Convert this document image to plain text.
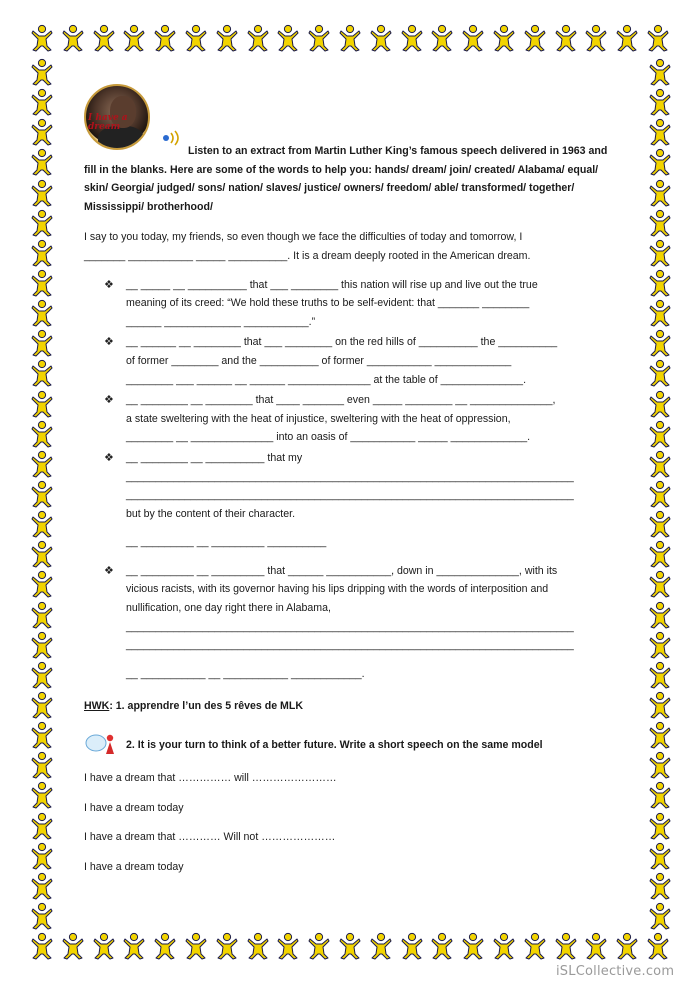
I have a dream

Listen to an extract from Martin Luther King’s famous speech delivered in 1963 and fill in the blanks. Here are some of the words to help you: hands/ dream/ join/ created/ Alabama/ equal/ skin/ Georgia/ judged/ sons/ nation/ slaves/ justice/ owners/ freedom/ able/ transformed/ together/ Mississippi/ brotherhood/

I say to you today, my friends, so even though we face the difficulties of today and tomorrow, I

_______ ___________ _____ __________. It is a dream deeply rooted in the American dream.

❖ __ _____ __ __________ that ___ ________ this nation will rise up and live out the true

meaning of its creed: “We hold these truths to be self-evident: that _______ ________

______ _____________ ___________.”

❖ __ ______ __ ________ that ___ ________ on the red hills of __________ the __________

of former ________ and the __________ of former ___________ _____________

________ ___ ______ __ ______ ______________ at the table of ______________.

❖ __ ________ __ ________ that ____ _______ even _____ ________ __ ______________,

a state sweltering with the heat of injustice, sweltering with the heat of oppression,

________ __ ______________ into an oasis of ___________ _____ _____________.

❖ __ ________ __ __________ that my

____________________________________________________________________________

____________________________________________________________________________

but by the content of their character.

__ _________ __ _________ __________

❖ __ _________ __ _________ that ______ ___________, down in ______________, with its

vicious racists, with its governor having his lips dripping with the words of interposition and

nullification, one day right there in Alabama,

____________________________________________________________________________

____________________________________________________________________________

__ ___________ __ ___________ ____________.

HWK: 1. apprendre l’un des 5 rêves de MLK

2. It is your turn to think of a better future. Write a short speech on the same model

I have a dream that …………… will ……………………

I have a dream today

I have a dream that ………… Will not …………………

I have a dream today

iSLCollective.com
